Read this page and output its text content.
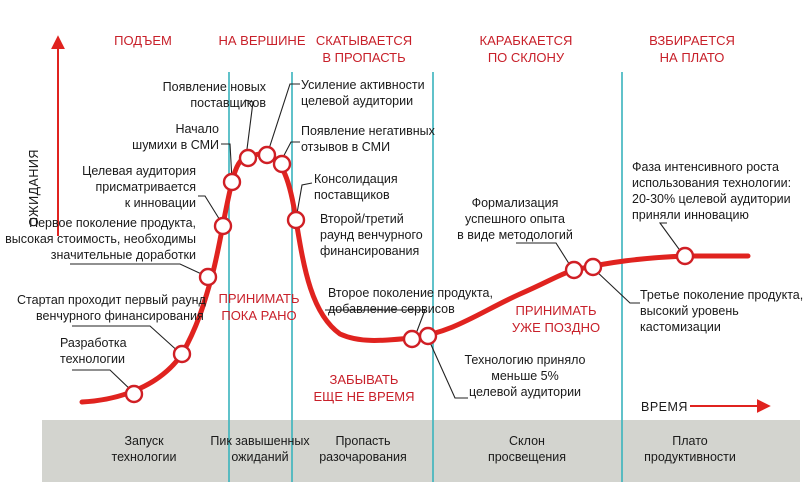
ОЖИДАНИЯ
ВРЕМЯ
ПОДЪЕМ	НА ВЕРШИНЕ СКАТЫВАЕТСЯ
В ПРОПАСТЬ
КАРАБКАЕТСЯ
ПО СКЛОНУ
ВЗБИРАЕТСЯ
НА ПЛАТО
Разработка
технологии
Стартап проходит первый раунд
венчурного финансирования
Первое поколение продукта,
высокая стоимость, необходимы
значительные доработки
Целевая аудитория
присматривается
к инновации
Начало
шумихи в СМИ
Появление новых
поставщиков
Усиление активности
целевой аудитории
Появление негативных
отзывов в СМИ
Консолидация
поставщиков
Второй/третий
раунд венчурного
финансирования
Второе поколение продукта,
добавление сервисов
Технологию приняло
меньше 5%
целевой аудитории
Формализация
успешного опыта
в виде методологий
Фаза интенсивного роста
использования технологии:
20-30% целевой аудитории
приняли инновацию
Третье поколение продукта,
высокий уровень
кастомизации
ПРИНИМАТЬ
ПОКА РАНО
ЗАБЫВАТЬ
ЕЩЕ НЕ ВРЕМЯ
ПРИНИМАТЬ
УЖЕ ПОЗДНО
Запуск
технологии
Пик завышенных
ожиданий
Пропасть
разочарования
Склон
просвещения
Плато
продуктивности
